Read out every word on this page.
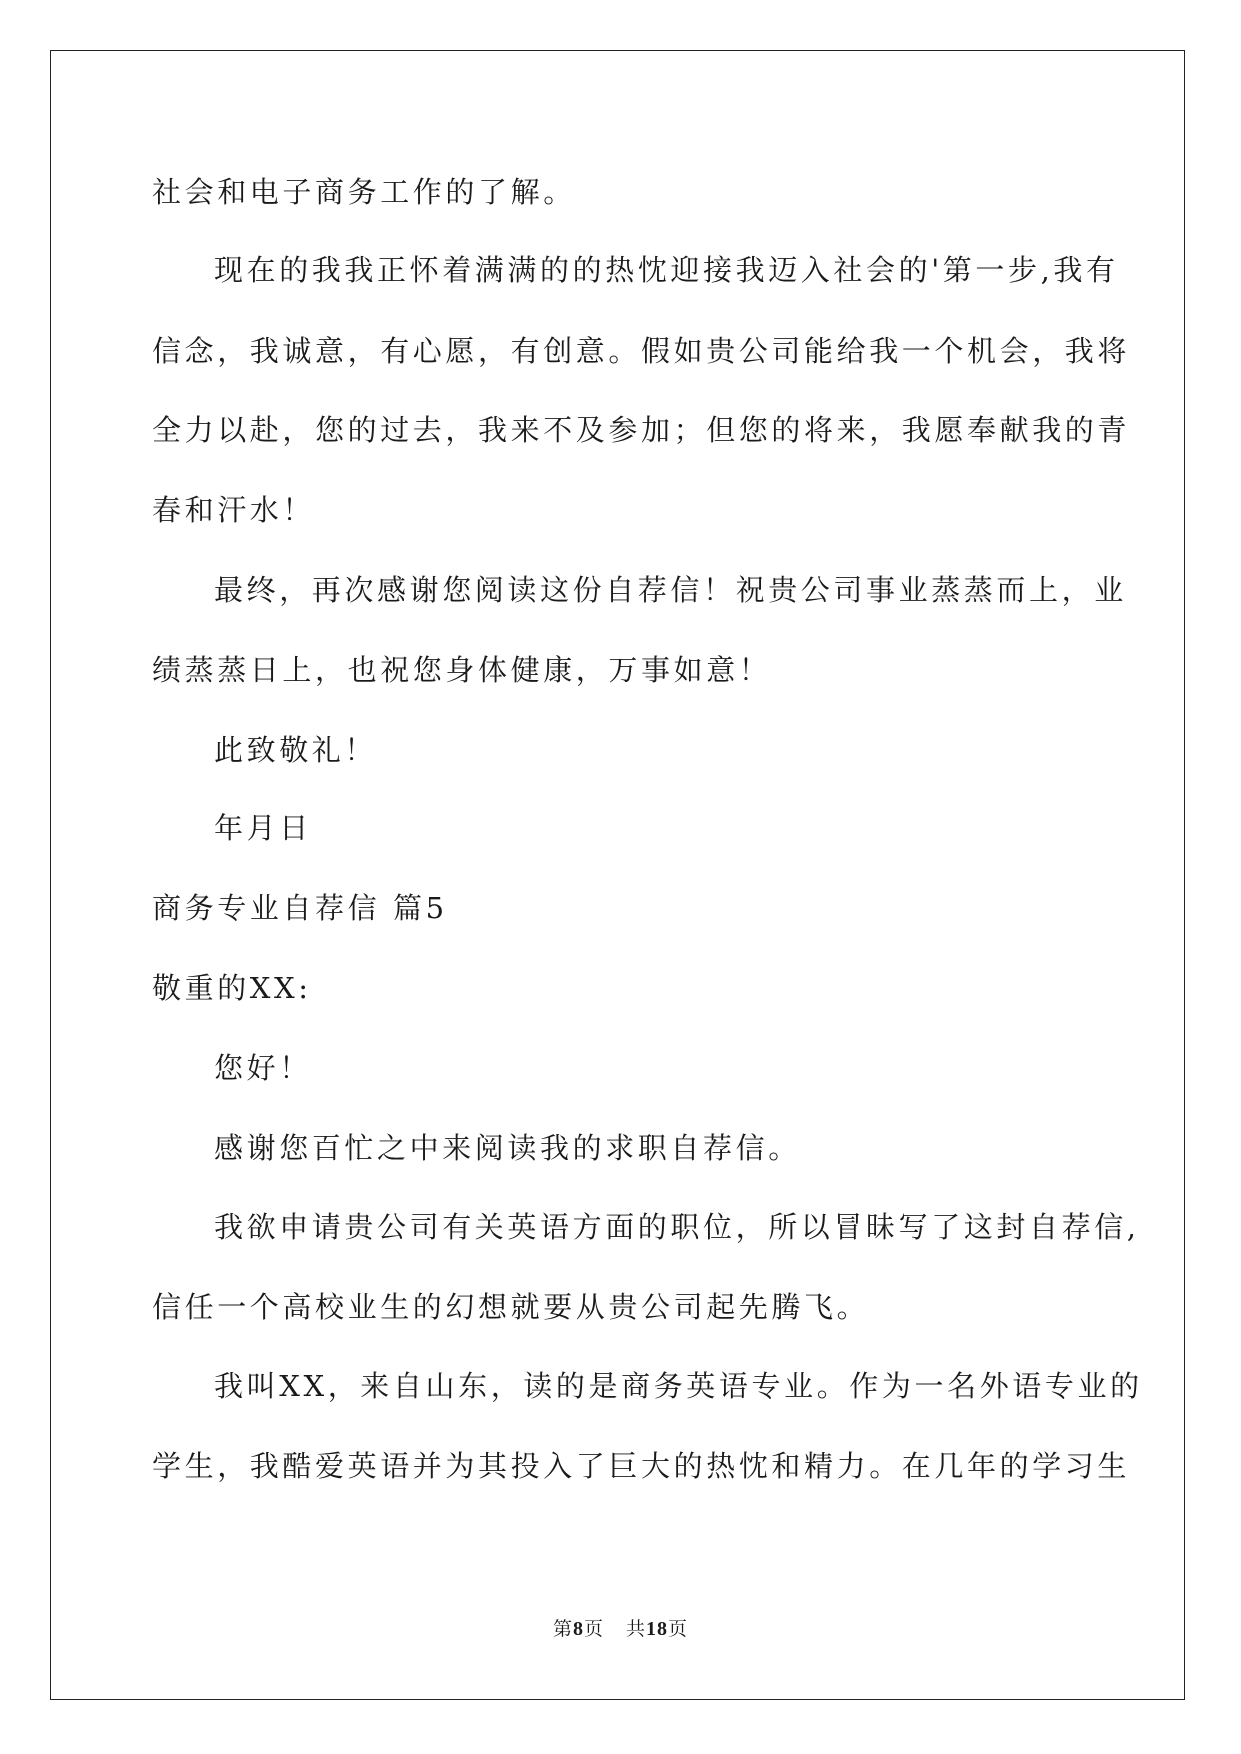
社会和电子商务工作的了解。
现在的我我正怀着满满的的热忱迎接我迈入社会的'第一步,我有
信念，我诚意，有心愿，有创意。假如贵公司能给我一个机会，我将
全力以赴，您的过去，我来不及参加；但您的将来，我愿奉献我的青
春和汗水！
最终，再次感谢您阅读这份自荐信！祝贵公司事业蒸蒸而上，业
绩蒸蒸日上，也祝您身体健康，万事如意！
此致敬礼！
年月日
商务专业自荐信 篇5
敬重的XX:
您好！
感谢您百忙之中来阅读我的求职自荐信。
我欲申请贵公司有关英语方面的职位，所以冒昧写了这封自荐信,
信任一个高校业生的幻想就要从贵公司起先腾飞。
我叫XX，来自山东，读的是商务英语专业。作为一名外语专业的
学生，我酷爱英语并为其投入了巨大的热忱和精力。在几年的学习生
第8页 共18页
